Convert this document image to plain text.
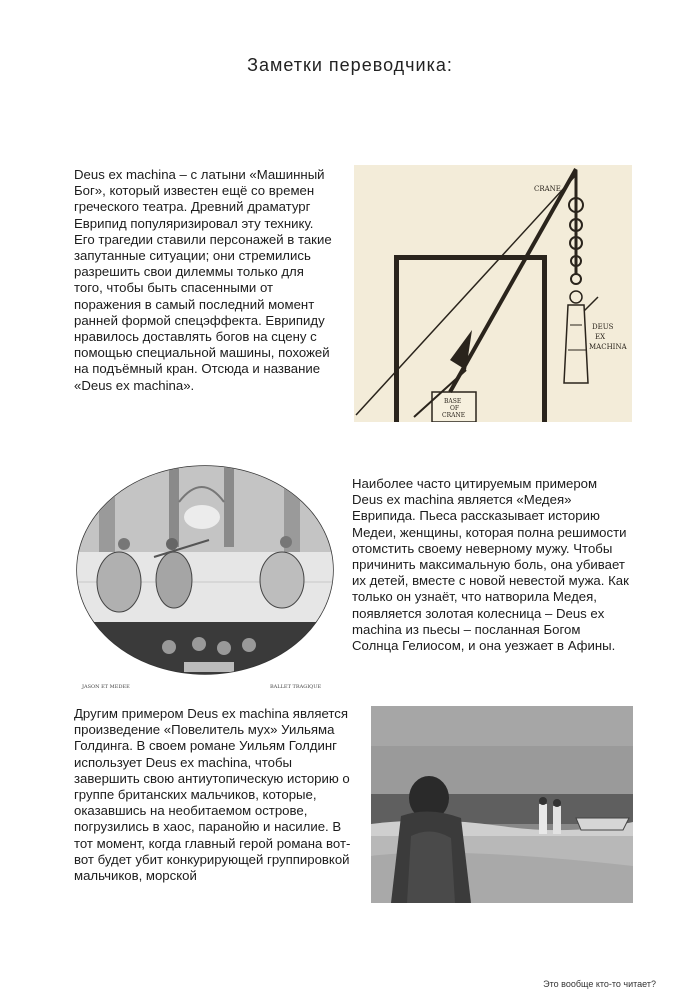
Заметки переводчика:
Deus ex machina – с латыни «Машинный Бог», который известен ещё со времен греческого театра. Древний драматург Еврипид популяризировал эту технику. Его трагедии ставили персонажей в такие запутанные ситуации; они стремились разрешить свои дилеммы только для того, чтобы быть спасенными от поражения в самый последний момент ранней формой спецэффекта. Еврипиду нравилось доставлять богов на сцену с помощью специальной машины, похожей на подъёмный кран. Отсюда и название «Deus ex machina».
CRANE
DEUS
EX
MACHINA
BASE
OF
CRANE
JASON ET MEDEE	BALLET TRAGIQUE
Наиболее часто цитируемым примером Deus ex machina является «Медея» Еврипида. Пьеса рассказывает историю Медеи, женщины, которая полна решимости отомстить своему неверному мужу. Чтобы причинить максимальную боль, она убивает их детей, вместе с новой невестой мужа. Как только он узнаёт, что натворила Медея, появляется золотая колесница – Deus ex machina из пьесы – посланная Богом Солнца Гелиосом, и она уезжает в Афины.
Другим примером Deus ex machina является произведение «Повелитель мух» Уильяма Голдинга. В своем романе Уильям Голдинг использует Deus ex machina, чтобы завершить свою антиутопическую историю о группе британских мальчиков, которые, оказавшись на необитаемом острове, погрузились в хаос, паранойю и насилие. В тот момент, когда главный герой романа вот-вот будет убит конкурирующей группировкой мальчиков, морской
Это вообще кто-то читает?
